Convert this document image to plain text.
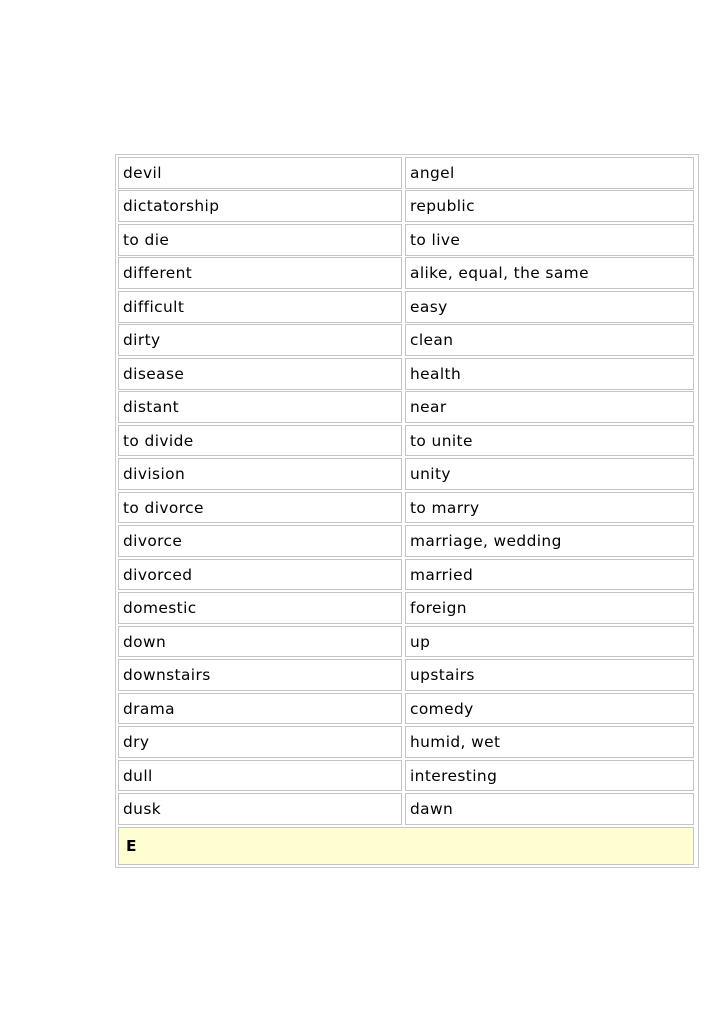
devil	angel
dictatorship	republic
to die	to live
different	alike, equal, the same
difficult	easy
dirty	clean
disease	health
distant	near
to divide	to unite
division	unity
to divorce	to marry
divorce	marriage, wedding
divorced	married
domestic	foreign
down	up
downstairs	upstairs
drama	comedy
dry	humid, wet
dull	interesting
dusk	dawn
E
